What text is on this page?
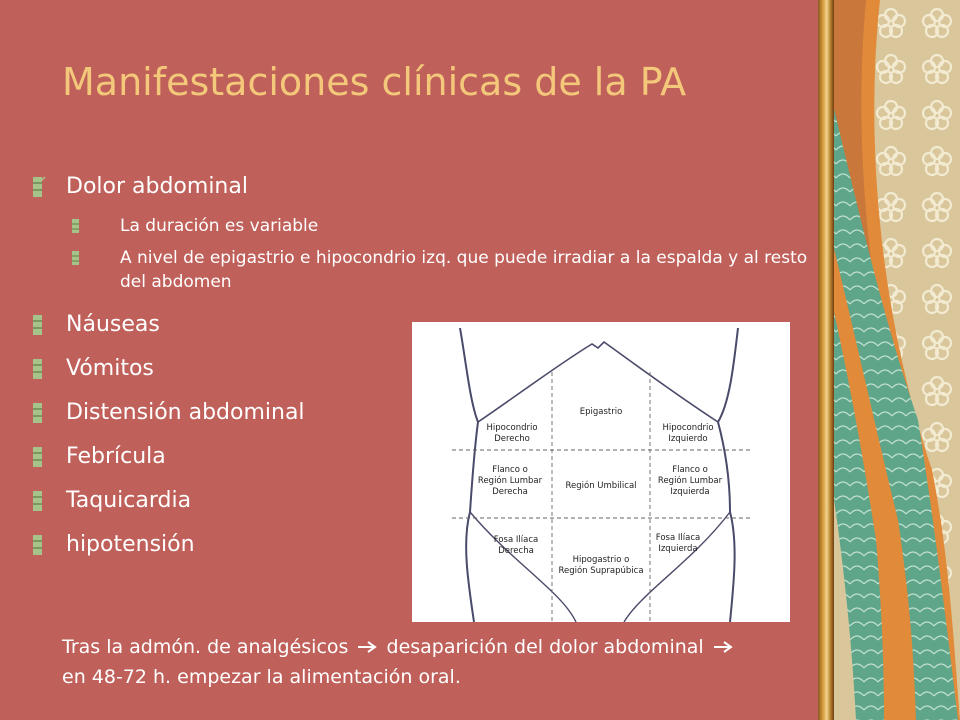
Manifestaciones clínicas de la PA
Dolor abdominal
La duración es variable
A nivel de epigastrio e hipocondrio izq. que puede irradiar a la espalda y al resto del abdomen
Náuseas
Vómitos
Distensión abdominal
Febrícula
Taquicardia
hipotensión
Hipocondrio Derecho
Epigastrio
Hipocondrio Izquierdo
Flanco o Región Lumbar Derecha
Región Umbilical
Flanco o Región Lumbar Izquierda
Fosa Ilíaca Derecha
Hipogastrio o Región Suprapúbica
Fosa Ilíaca Izquierda
Tras la admón. de analgésicos desaparición del dolor abdominal
en 48-72 h. empezar la alimentación oral.
